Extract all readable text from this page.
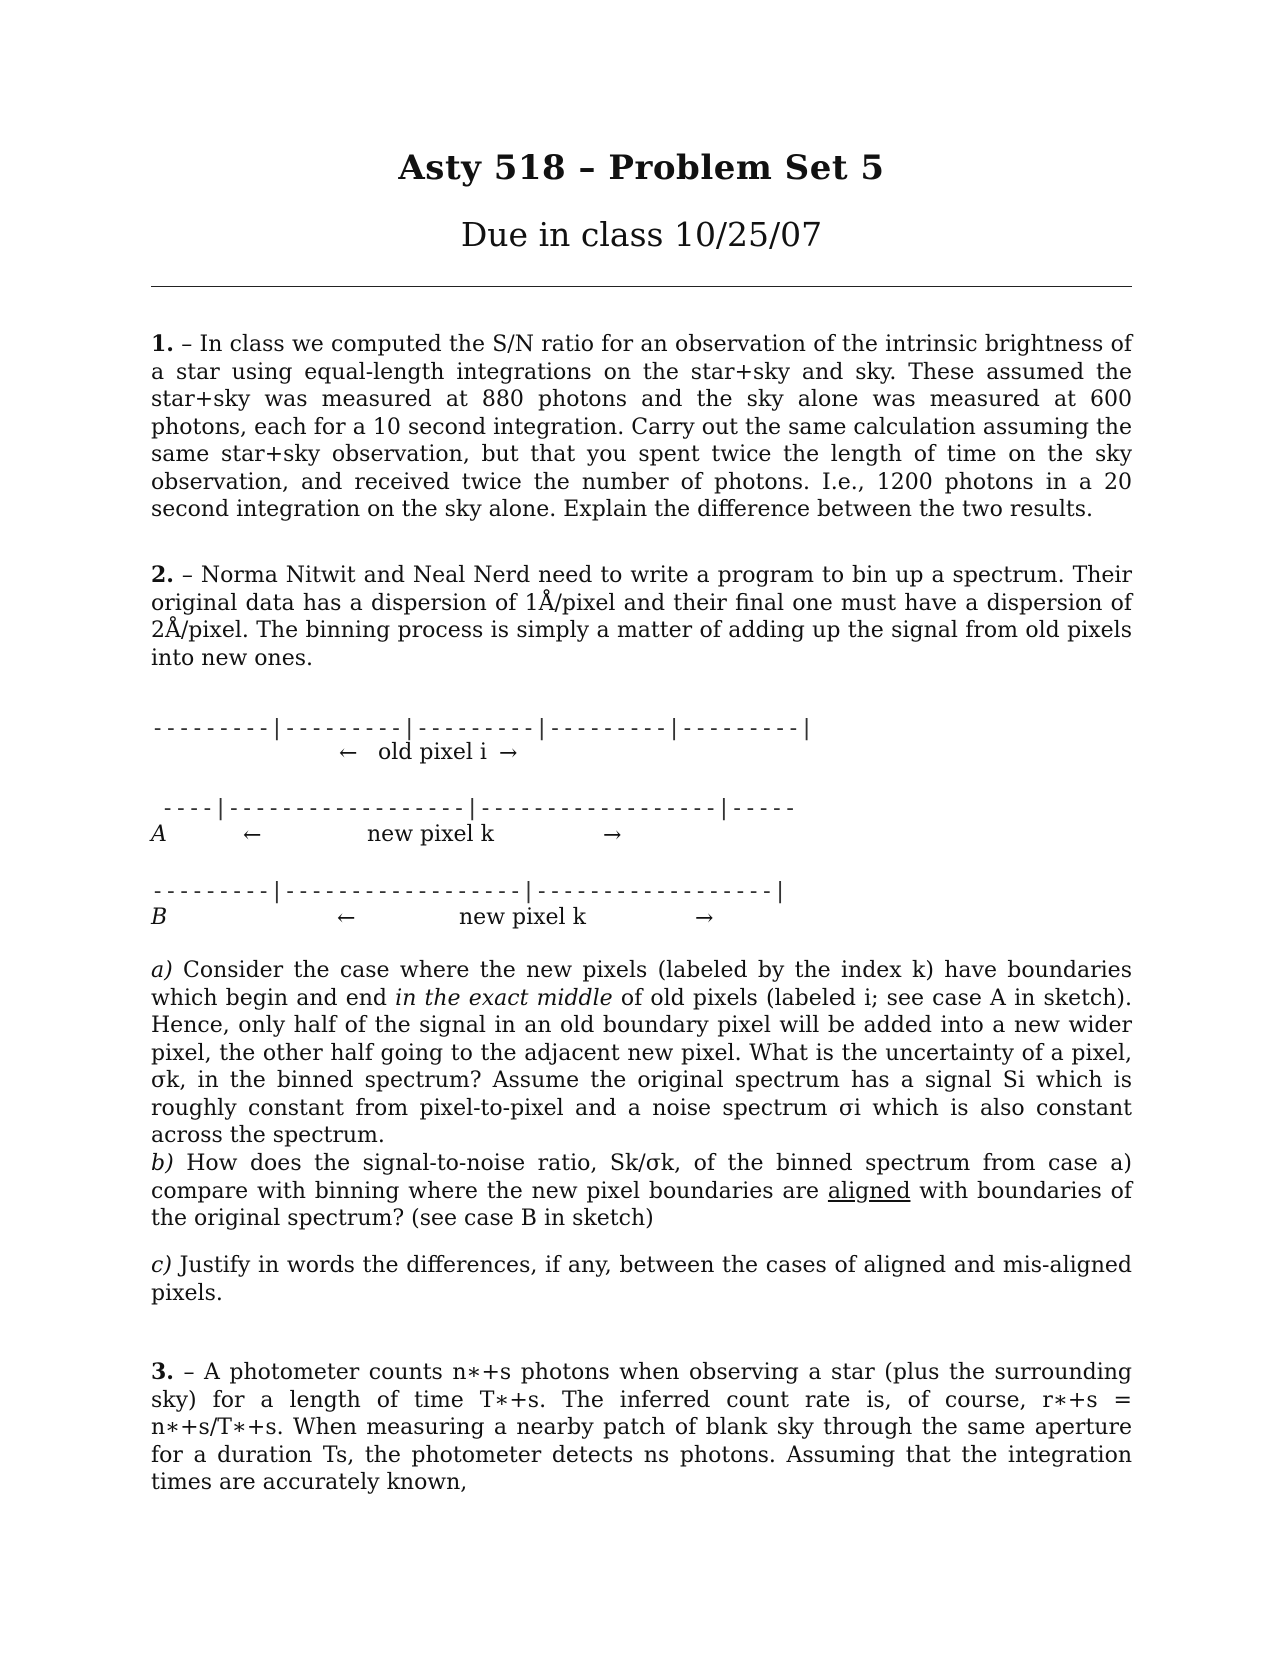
Asty 518 – Problem Set 5
Due in class 10/25/07
1. – In class we computed the S/N ratio for an observation of the intrinsic brightness of a star using equal-length integrations on the star+sky and sky. These assumed the star+sky was measured at 880 photons and the sky alone was measured at 600 photons, each for a 10 second integration. Carry out the same calculation assuming the same star+sky observation, but that you spent twice the length of time on the sky observation, and received twice the number of photons. I.e., 1200 photons in a 20 second integration on the sky alone. Explain the difference between the two results.
2. – Norma Nitwit and Neal Nerd need to write a program to bin up a spectrum. Their original data has a dispersion of 1Å/pixel and their final one must have a dispersion of 2Å/pixel. The binning process is simply a matter of adding up the signal from old pixels into new ones.
---------|---------|---------|---------|---------|
← old pixel i →
----|------------------|------------------|-----
A	←	new pixel k	→
---------|------------------|------------------|
B	←	new pixel k	→
a) Consider the case where the new pixels (labeled by the index k) have boundaries which begin and end in the exact middle of old pixels (labeled i; see case A in sketch). Hence, only half of the signal in an old boundary pixel will be added into a new wider pixel, the other half going to the adjacent new pixel. What is the uncertainty of a pixel, σk, in the binned spectrum? Assume the original spectrum has a signal Si which is roughly constant from pixel-to-pixel and a noise spectrum σi which is also constant across the spectrum.
b) How does the signal-to-noise ratio, Sk/σk, of the binned spectrum from case a) compare with binning where the new pixel boundaries are aligned with boundaries of the original spectrum? (see case B in sketch)
c) Justify in words the differences, if any, between the cases of aligned and mis-aligned pixels.
3. – A photometer counts n∗+s photons when observing a star (plus the surrounding sky) for a length of time T∗+s. The inferred count rate is, of course, r∗+s = n∗+s/T∗+s. When measuring a nearby patch of blank sky through the same aperture for a duration Ts, the photometer detects ns photons. Assuming that the integration times are accurately known,
